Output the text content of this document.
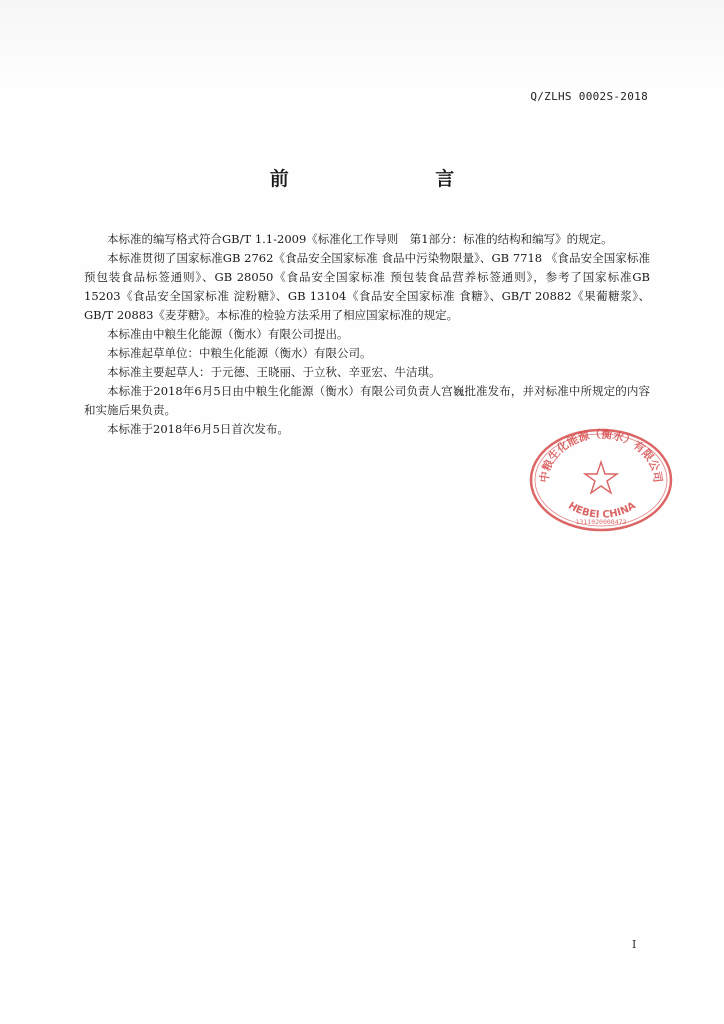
Q/ZLHS 0002S-2018
前 言

本标准的编写格式符合GB/T 1.1-2009《标准化工作导则　第1部分：标准的结构和编写》的规定。

本标准贯彻了国家标准GB 2762《食品安全国家标准 食品中污染物限量》、GB 7718 《食品安全国家标准 预包装食品标签通则》、GB 28050《食品安全国家标准 预包装食品营养标签通则》，参考了国家标准GB 15203《食品安全国家标准 淀粉糖》、GB 13104《食品安全国家标准 食糖》、GB/T 20882《果葡糖浆》、GB/T 20883《麦芽糖》。本标准的检验方法采用了相应国家标准的规定。

本标准由中粮生化能源（衡水）有限公司提出。

本标准起草单位：中粮生化能源（衡水）有限公司。

本标准主要起草人：于元德、王晓丽、于立秋、辛亚宏、牛洁琪。

本标准于2018年6月5日由中粮生化能源（衡水）有限公司负责人宫巍批准发布，并对标准中所规定的内容和实施后果负责。

本标准于2018年6月5日首次发布。

中粮生化能源（衡水）有限公司
HEBEI CHINA
1311020008472
I
